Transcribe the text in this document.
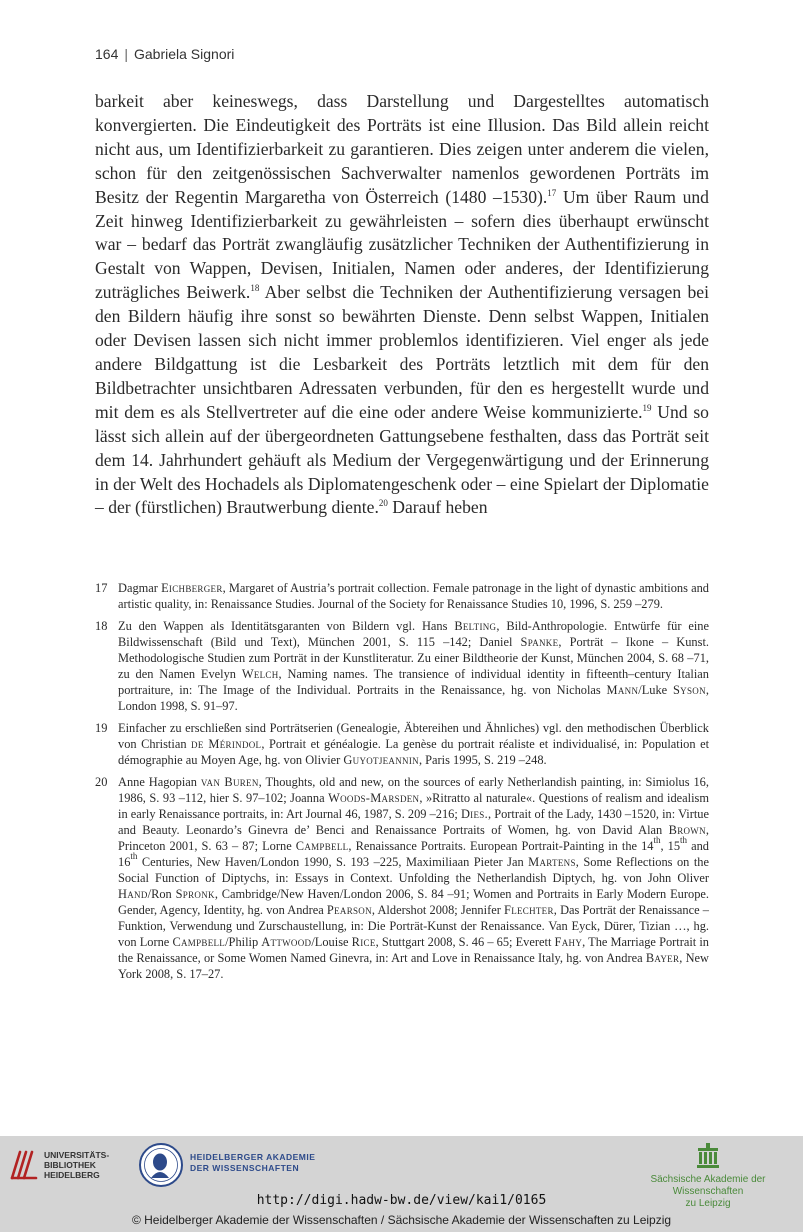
164 | Gabriela Signori

barkeit aber keineswegs, dass Darstellung und Dargestelltes automatisch konvergierten. Die Eindeutigkeit des Porträts ist eine Illusion. Das Bild allein reicht nicht aus, um Identifizierbarkeit zu garantieren. Dies zeigen unter anderem die vielen, schon für den zeitgenössischen Sachverwalter namenlos gewordenen Porträts im Besitz der Regentin Margaretha von Österreich (1480 –1530).$^{17}$ Um über Raum und Zeit hinweg Identifizierbarkeit zu gewährleisten – sofern dies überhaupt erwünscht war – bedarf das Porträt zwangläufig zusätzlicher Techniken der Authentifizierung in Gestalt von Wappen, Devisen, Initialen, Namen oder anderes, der Identifizierung zuträgliches Beiwerk.$^{18}$ Aber selbst die Techniken der Authentifizierung versagen bei den Bildern häufig ihre sonst so bewährten Dienste. Denn selbst Wappen, Initialen oder Devisen lassen sich nicht immer problemlos identifizieren. Viel enger als jede andere Bildgattung ist die Lesbarkeit des Porträts letztlich mit dem für den Bildbetrachter unsichtbaren Adressaten verbunden, für den es hergestellt wurde und mit dem es als Stellvertreter auf die eine oder andere Weise kommunizierte.$^{19}$ Und so lässt sich allein auf der übergeordneten Gattungsebene festhalten, dass das Porträt seit dem 14. Jahrhundert gehäuft als Medium der Vergegenwärtigung und der Erinnerung in der Welt des Hochadels als Diplomatengeschenk oder – eine Spielart der Diplomatie – der (fürstlichen) Brautwerbung diente.$^{20}$ Darauf heben

17 Dagmar Eichberger, Margaret of Austria’s portrait collection. Female patronage in the light of dynastic ambitions and artistic quality, in: Renaissance Studies. Journal of the Society for Renaissance Studies 10, 1996, S. 259 –279.
18 Zu den Wappen als Identitätsgaranten von Bildern vgl. Hans Belting, Bild-Anthropologie. Entwürfe für eine Bildwissenschaft (Bild und Text), München 2001, S. 115 –142; Daniel Spanke, Porträt – Ikone – Kunst. Methodologische Studien zum Porträt in der Kunstliteratur. Zu einer Bildtheorie der Kunst, München 2004, S. 68 –71, zu den Namen Evelyn Welch, Naming names. The transience of individual identity in fifteenth–century Italian portraiture, in: The Image of the Individual. Portraits in the Renaissance, hg. von Nicholas Mann/Luke Syson, London 1998, S. 91–97.
19 Einfacher zu erschließen sind Porträtserien (Genealogie, Äbtereihen und Ähnliches) vgl. den methodischen Überblick von Christian de Mérindol, Portrait et généalogie. La genèse du portrait réaliste et individualisé, in: Population et démographie au Moyen Age, hg. von Olivier Guyotjeannin, Paris 1995, S. 219 –248.
20 Anne Hagopian van Buren, Thoughts, old and new, on the sources of early Netherlandish painting, in: Simiolus 16, 1986, S. 93 –112, hier S. 97–102; Joanna Woods-Marsden, »Ritratto al naturale«. Questions of realism and idealism in early Renaissance portraits, in: Art Journal 46, 1987, S. 209 –216; Dies., Portrait of the Lady, 1430 –1520, in: Virtue and Beauty. Leonardo’s Ginevra de’ Benci and Renaissance Portraits of Women, hg. von David Alan Brown, Princeton 2001, S. 63 – 87; Lorne Campbell, Renaissance Portraits. European Portrait-Painting in the 14th, 15th and 16th Centuries, New Haven/London 1990, S. 193 –225, Maximiliaan Pieter Jan Martens, Some Reflections on the Social Function of Diptychs, in: Essays in Context. Unfolding the Netherlandish Diptych, hg. von John Oliver Hand/Ron Spronk, Cambridge/New Haven/London 2006, S. 84 –91; Women and Portraits in Early Modern Europe. Gender, Agency, Identity, hg. von Andrea Pearson, Aldershot 2008; Jennifer Flechter, Das Porträt der Renaissance – Funktion, Verwendung und Zurschaustellung, in: Die Porträt-Kunst der Renaissance. Van Eyck, Dürer, Tizian …, hg. von Lorne Campbell/Philip Attwood/Louise Rice, Stuttgart 2008, S. 46 – 65; Everett Fahy, The Marriage Portrait in the Renaissance, or Some Women Named Ginevra, in: Art and Love in Renaissance Italy, hg. von Andrea Bayer, New York 2008, S. 17–27.
UNIVERSITÄTS-
BIBLIOTHEK
HEIDELBERG
HEIDELBERGER AKADEMIE
DER WISSENSCHAFTEN
Sächsische Akademie der Wissenschaften
zu Leipzig
http://digi.hadw-bw.de/view/kai1/0165
© Heidelberger Akademie der Wissenschaften / Sächsische Akademie der Wissenschaften zu Leipzig
